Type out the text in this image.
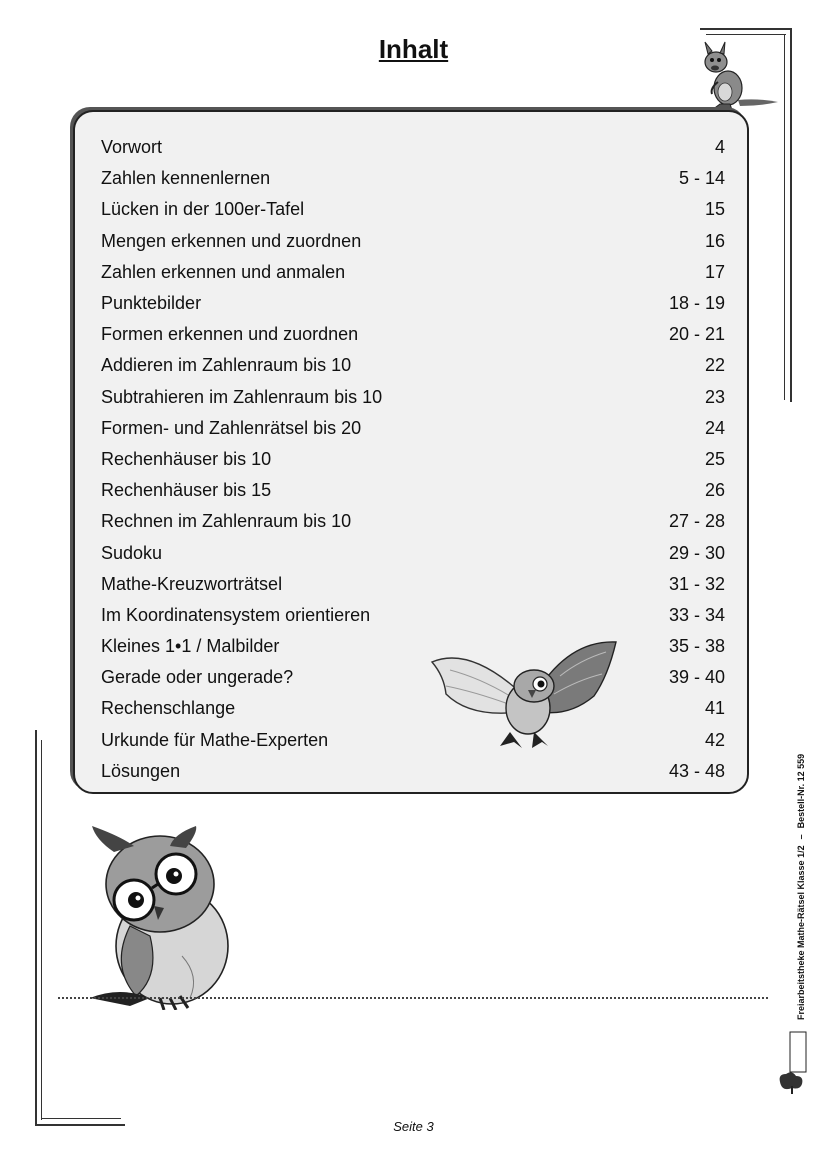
Inhalt
Vorwort	4
Zahlen kennenlernen	5 - 14
Lücken in der 100er-Tafel	15
Mengen erkennen und zuordnen	16
Zahlen erkennen und anmalen	17
Punktebilder	18 - 19
Formen erkennen und zuordnen	20 - 21
Addieren im Zahlenraum bis 10	22
Subtrahieren im Zahlenraum bis 10	23
Formen- und Zahlenrätsel bis 20	24
Rechenhäuser bis 10	25
Rechenhäuser bis 15	26
Rechnen im Zahlenraum bis 10	27 - 28
Sudoku	29 - 30
Mathe-Kreuzworträtsel	31 - 32
Im Koordinatensystem orientieren	33 - 34
Kleines 1•1 / Malbilder	35 - 38
Gerade oder ungerade?	39 - 40
Rechenschlange	41
Urkunde für Mathe-Experten	42
Lösungen	43 - 48
Freiarbeitstheke Mathe-Rätsel Klasse 1/2–Bestell-Nr. 12 559
Seite 3
